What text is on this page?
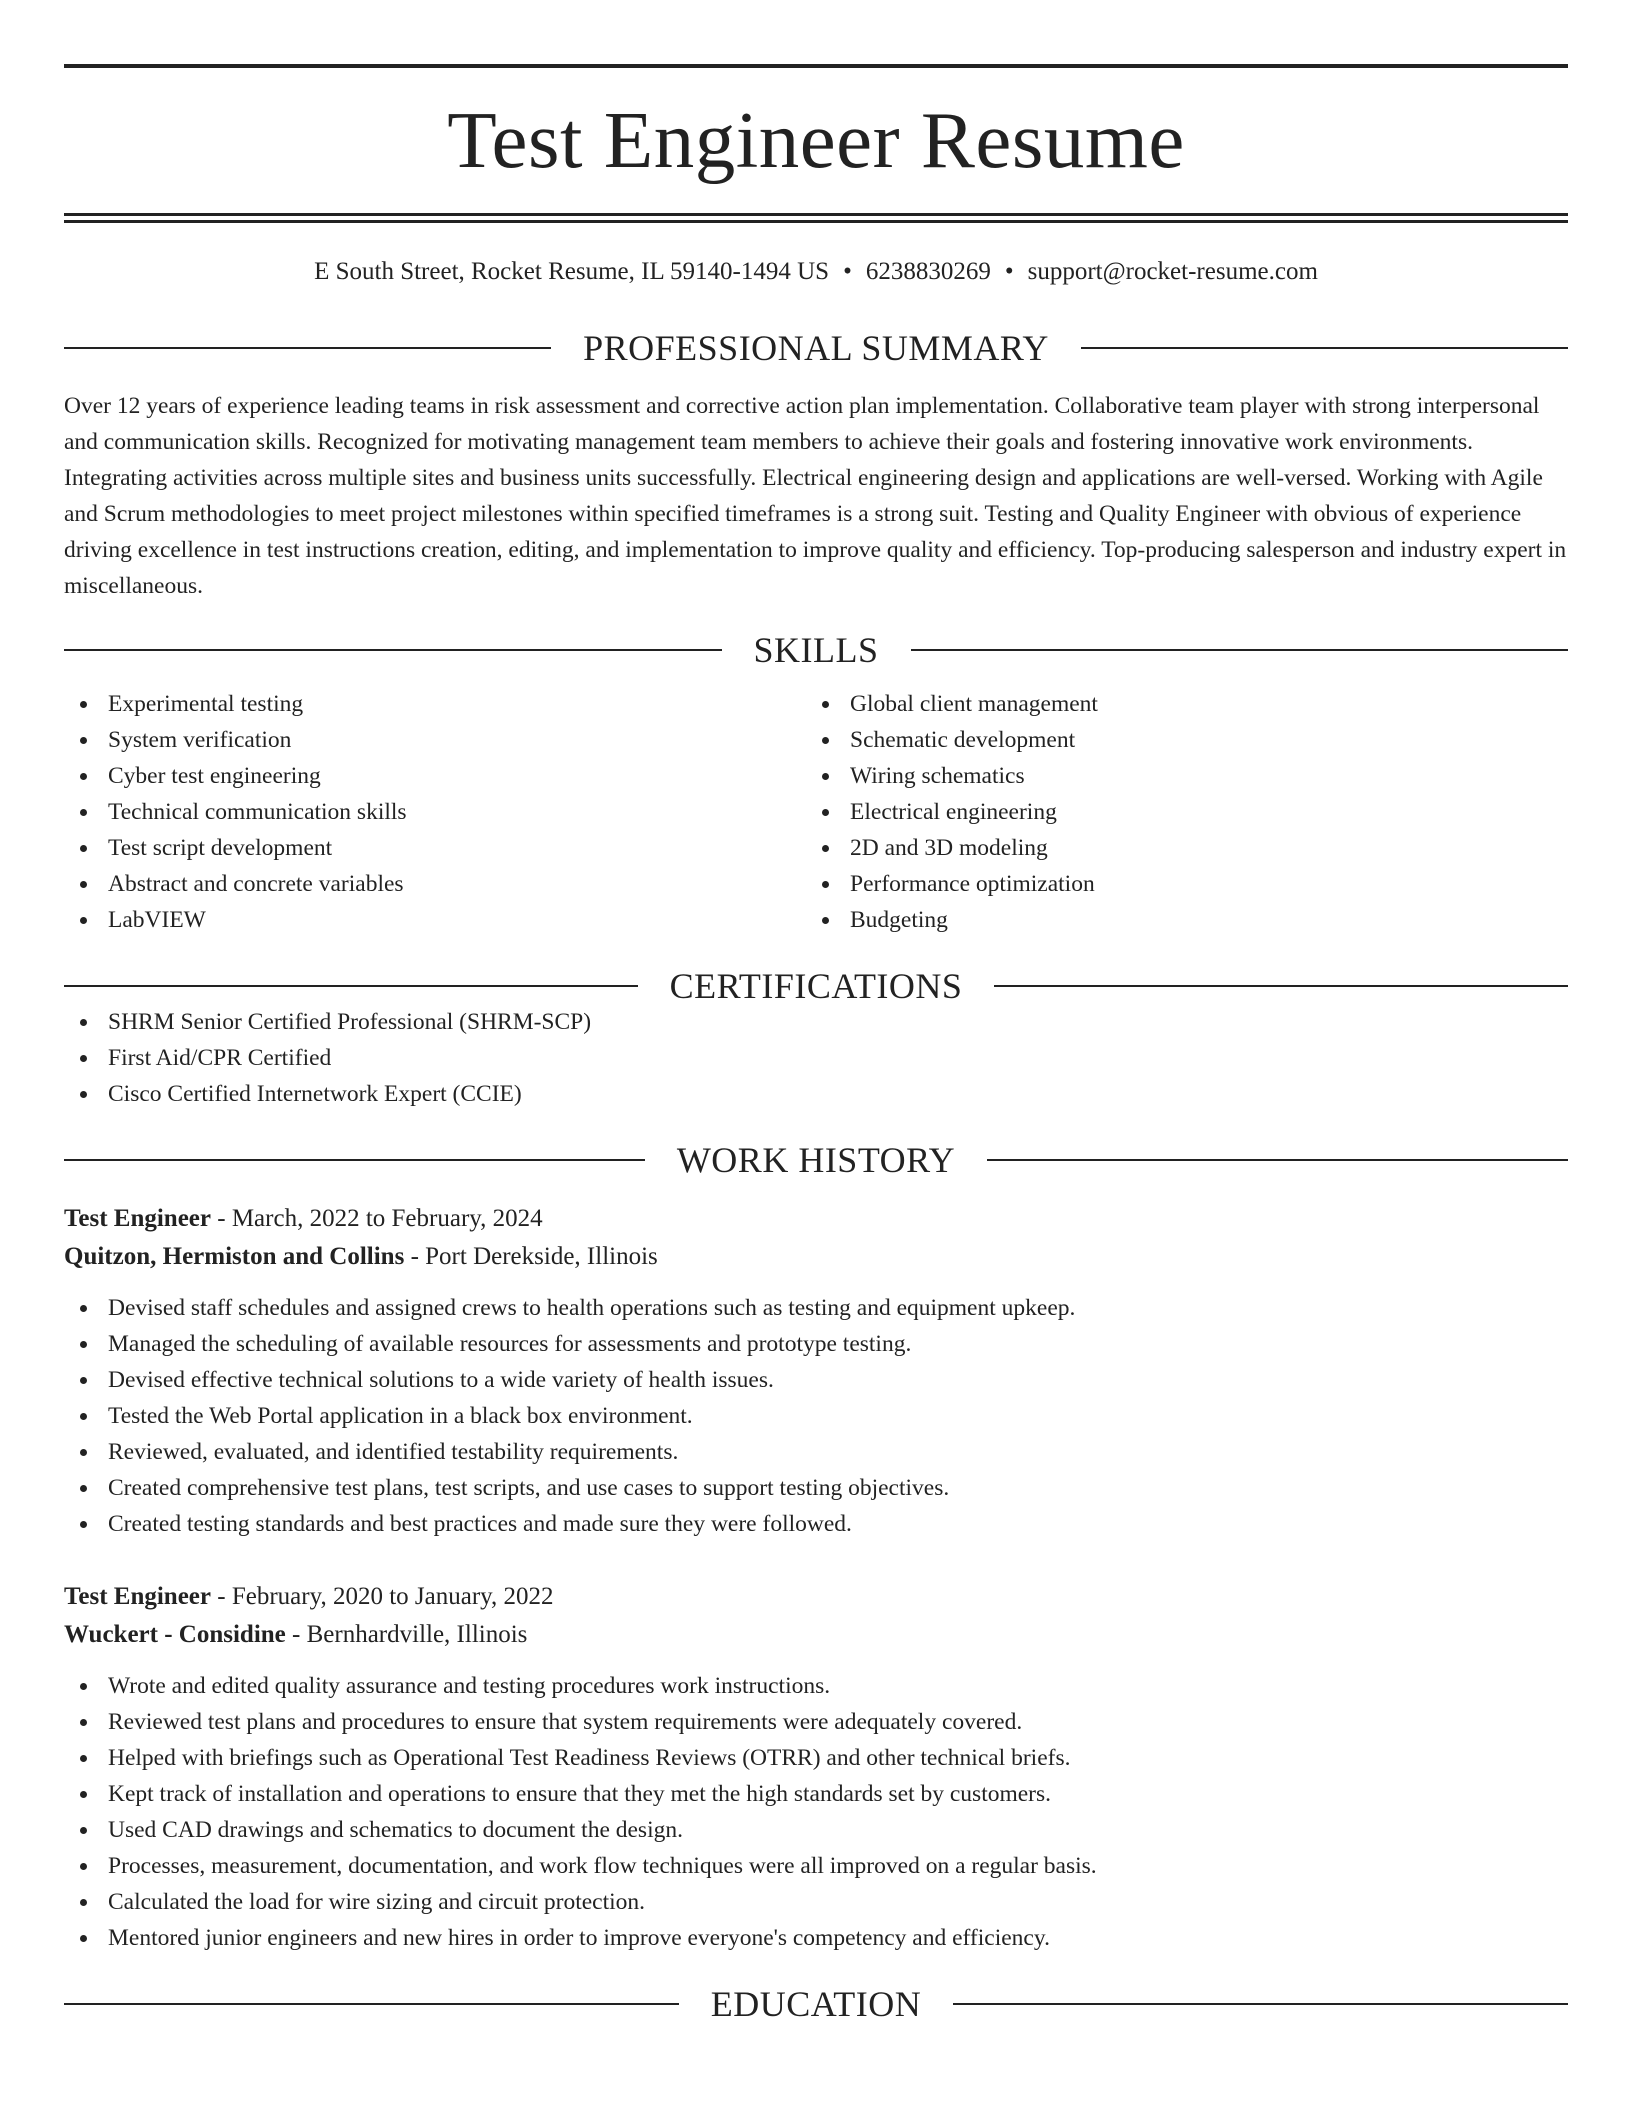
Test Engineer Resume
E South Street, Rocket Resume, IL 59140-1494 US • 6238830269 • support@rocket-resume.com
PROFESSIONAL SUMMARY

Over 12 years of experience leading teams in risk assessment and corrective action plan implementation. Collaborative team player with strong interpersonal and communication skills. Recognized for motivating management team members to achieve their goals and fostering innovative work environments. Integrating activities across multiple sites and business units successfully. Electrical engineering design and applications are well-versed. Working with Agile and Scrum methodologies to meet project milestones within specified timeframes is a strong suit. Testing and Quality Engineer with obvious of experience driving excellence in test instructions creation, editing, and implementation to improve quality and efficiency. Top-producing salesperson and industry expert in miscellaneous.

SKILLS
Experimental testing
System verification
Cyber test engineering
Technical communication skills
Test script development
Abstract and concrete variables
LabVIEW
Global client management
Schematic development
Wiring schematics
Electrical engineering
2D and 3D modeling
Performance optimization
Budgeting
CERTIFICATIONS
SHRM Senior Certified Professional (SHRM-SCP)
First Aid/CPR Certified
Cisco Certified Internetwork Expert (CCIE)
WORK HISTORY
Test Engineer - March, 2022 to February, 2024
Quitzon, Hermiston and Collins - Port Derekside, Illinois
Devised staff schedules and assigned crews to health operations such as testing and equipment upkeep.
Managed the scheduling of available resources for assessments and prototype testing.
Devised effective technical solutions to a wide variety of health issues.
Tested the Web Portal application in a black box environment.
Reviewed, evaluated, and identified testability requirements.
Created comprehensive test plans, test scripts, and use cases to support testing objectives.
Created testing standards and best practices and made sure they were followed.
Test Engineer - February, 2020 to January, 2022
Wuckert - Considine - Bernhardville, Illinois
Wrote and edited quality assurance and testing procedures work instructions.
Reviewed test plans and procedures to ensure that system requirements were adequately covered.
Helped with briefings such as Operational Test Readiness Reviews (OTRR) and other technical briefs.
Kept track of installation and operations to ensure that they met the high standards set by customers.
Used CAD drawings and schematics to document the design.
Processes, measurement, documentation, and work flow techniques were all improved on a regular basis.
Calculated the load for wire sizing and circuit protection.
Mentored junior engineers and new hires in order to improve everyone's competency and efficiency.
EDUCATION
